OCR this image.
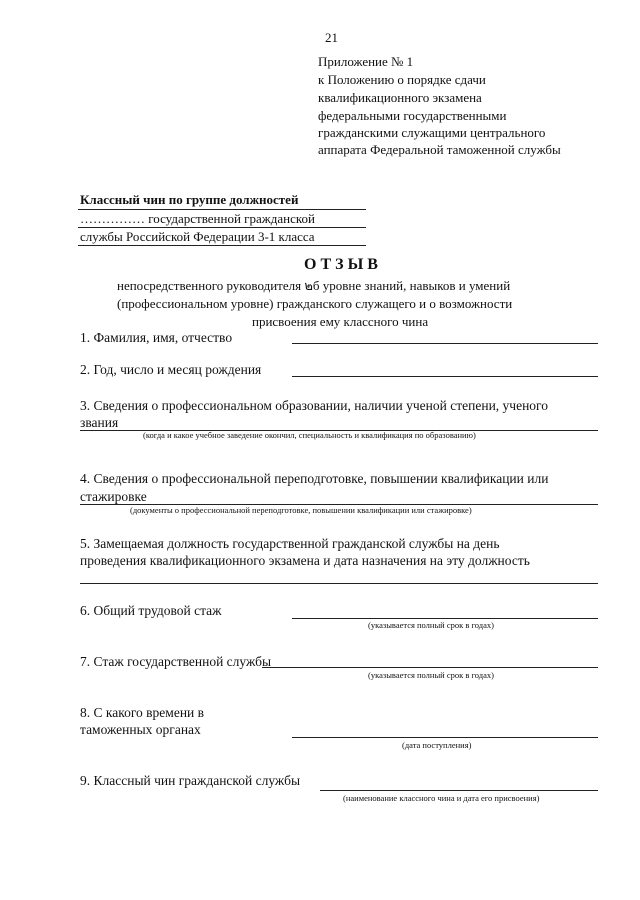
21
Приложение № 1
к Положению о порядке сдачи
квалификационного экзамена
федеральными государственными
гражданскими служащими центрального
аппарата Федеральной таможенной службы
Классный чин по группе должностей
…………… государственной гражданской
службы Российской Федерации 3-1 класса
О Т З Ы В
непосредственного руководителя ๒б уровне знаний, навыков и умений
(профессиональном уровне) гражданского служащего и о возможности
присвоения ему классного чина
1. Фамилия, имя, отчество
2. Год, число и месяц рождения
3. Сведения о профессиональном образовании, наличии ученой степени, ученого
звания
(когда и какое учебное заведение окончил, специальность и квалификация по образованию)
4. Сведения о профессиональной переподготовке, повышении квалификации или
стажировке
(документы о профессиональной переподготовке, повышении квалификации или стажировке)
5. Замещаемая должность государственной гражданской службы на день
проведения квалификационного экзамена и дата назначения на эту должность
6. Общий трудовой стаж
(указывается полный срок в годах)
7. Стаж государственной службы
(указывается полный срок в годах)
8. С какого времени в
таможенных органах
(дата поступления)
9. Классный чин гражданской службы
(наименование классного чина и дата его присвоения)
